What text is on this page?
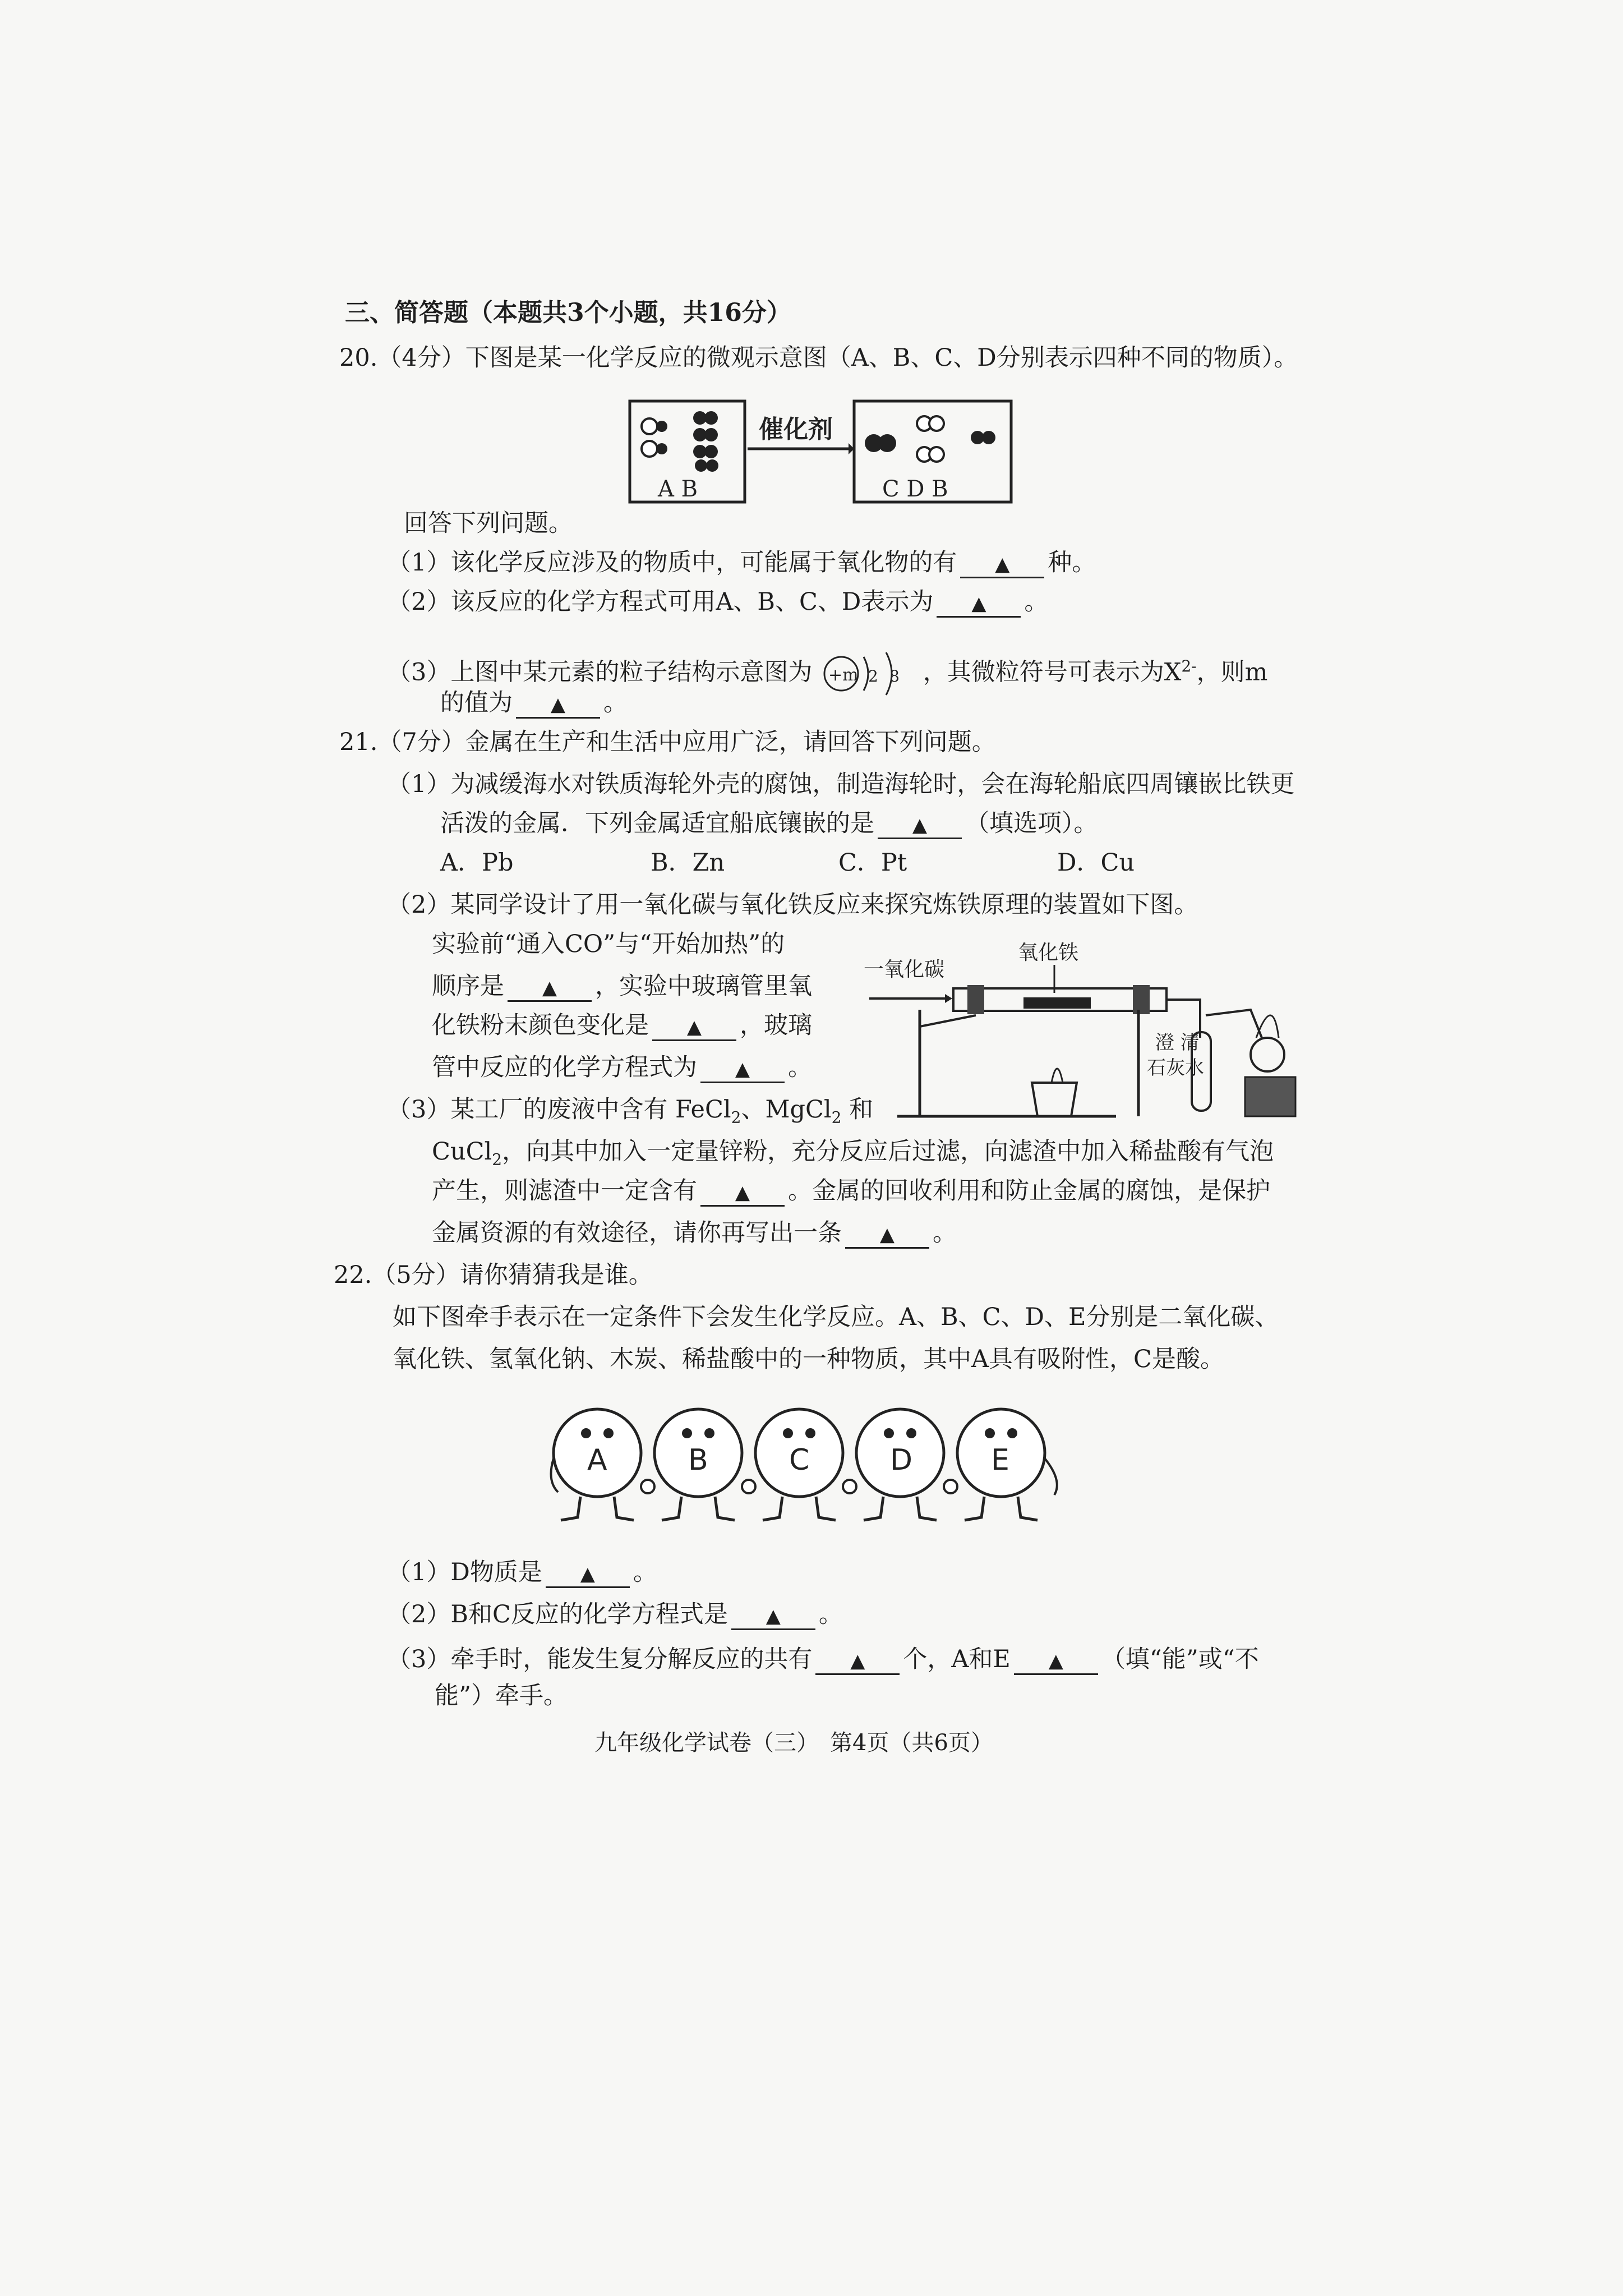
三、简答题（本题共3个小题，共16分）
20.（4分）下图是某一化学反应的微观示意图（A、B、C、D分别表示四种不同的物质）。
A B
催化剂
C D B
回答下列问题。
（1）该化学反应涉及的物质中，可能属于氧化物的有 ▲ 种。
（2）该反应的化学方程式可用A、B、C、D表示为 ▲ 。
（3）上图中某元素的粒子结构示意图为 +m 2 8 ，其微粒符号可表示为$X^{2-}$，则m
的值为 ▲ 。
21.（7分）金属在生产和生活中应用广泛，请回答下列问题。
（1）为减缓海水对铁质海轮外壳的腐蚀，制造海轮时，会在海轮船底四周镶嵌比铁更
活泼的金属．下列金属适宜船底镶嵌的是 ▲ （填选项）。
A．Pb	B．Zn	C．Pt	D．Cu
（2）某同学设计了用一氧化碳与氧化铁反应来探究炼铁原理的装置如下图。
实验前“通入CO”与“开始加热”的
顺序是 ▲ ，实验中玻璃管里氧
化铁粉末颜色变化是 ▲ ，玻璃
管中反应的化学方程式为 ▲ 。
一氧化碳
氧化铁
澄 清
石灰水
（3）某工厂的废液中含有 FeCl$_2$、MgCl$_2$ 和
CuCl$_2$，向其中加入一定量锌粉，充分反应后过滤，向滤渣中加入稀盐酸有气泡
产生，则滤渣中一定含有 ▲ 。金属的回收利用和防止金属的腐蚀，是保护
金属资源的有效途径，请你再写出一条 ▲ 。
22.（5分）请你猜猜我是谁。
如下图牵手表示在一定条件下会发生化学反应。A、B、C、D、E分别是二氧化碳、
氧化铁、氢氧化钠、木炭、稀盐酸中的一种物质，其中A具有吸附性，C是酸。
A	B	C	D	E
（1）D物质是 ▲ 。
（2）B和C反应的化学方程式是 ▲ 。
（3）牵手时，能发生复分解反应的共有 ▲ 个，A和E ▲ （填“能”或“不
能”）牵手。
九年级化学试卷（三）　第4页（共6页）
